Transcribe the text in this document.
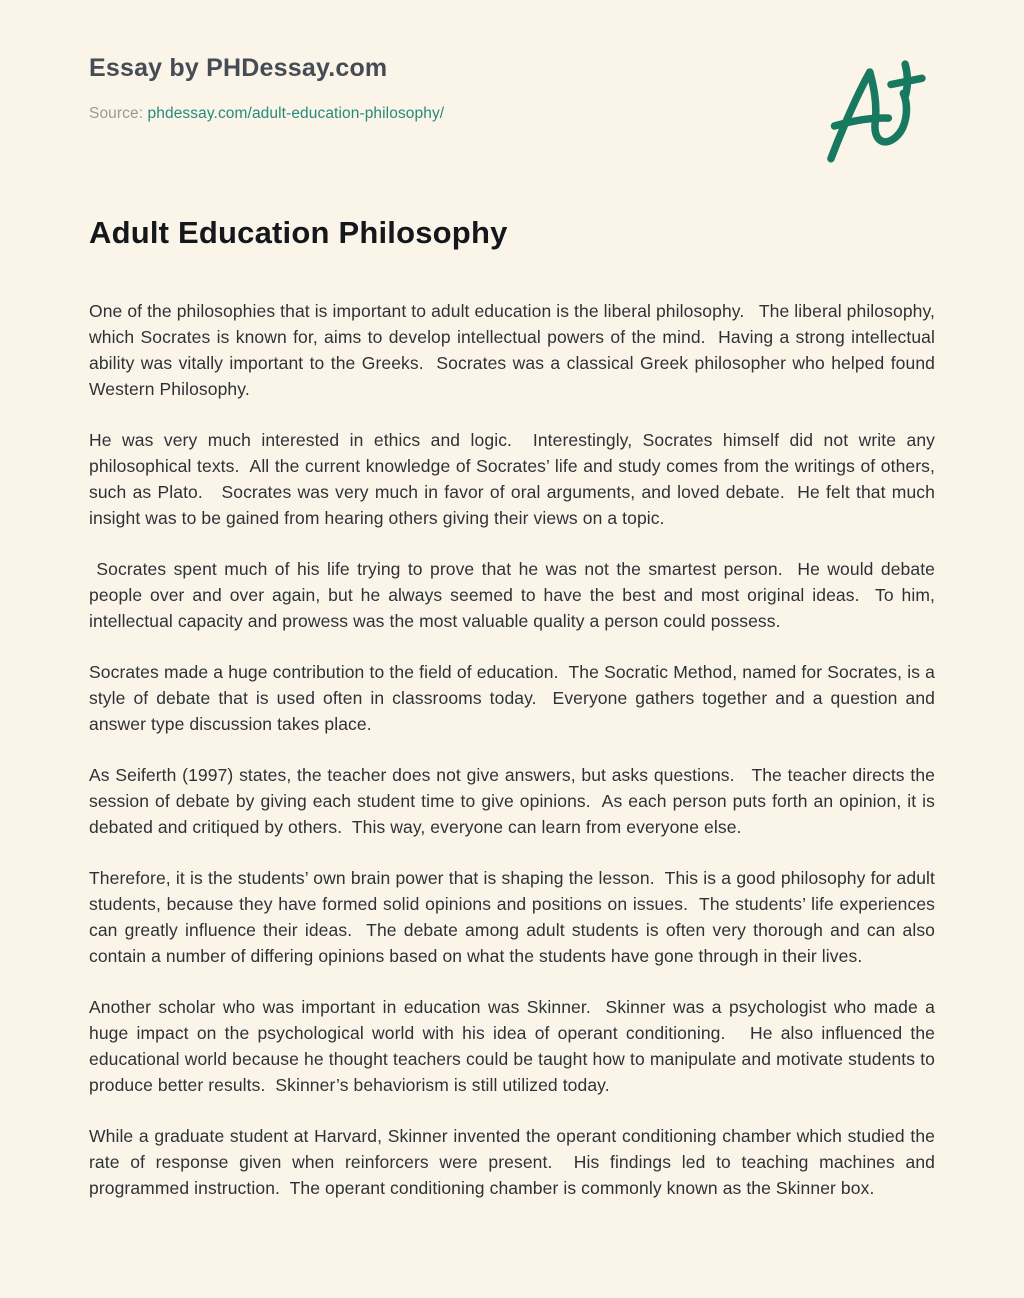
Essay by PHDessay.com

Source: phdessay.com/adult-education-philosophy/

Adult Education Philosophy

One of the philosophies that is important to adult education is the liberal philosophy.   The liberal philosophy, which Socrates is known for, aims to develop intellectual powers of the mind.  Having a strong intellectual ability was vitally important to the Greeks.  Socrates was a classical Greek philosopher who helped found Western Philosophy.

He was very much interested in ethics and logic.  Interestingly, Socrates himself did not write any philosophical texts.  All the current knowledge of Socrates’ life and study comes from the writings of others, such as Plato.   Socrates was very much in favor of oral arguments, and loved debate.  He felt that much insight was to be gained from hearing others giving their views on a topic.

Socrates spent much of his life trying to prove that he was not the smartest person.  He would debate people over and over again, but he always seemed to have the best and most original ideas.  To him, intellectual capacity and prowess was the most valuable quality a person could possess.

Socrates made a huge contribution to the field of education.  The Socratic Method, named for Socrates, is a style of debate that is used often in classrooms today.  Everyone gathers together and a question and answer type discussion takes place.

As Seiferth (1997) states, the teacher does not give answers, but asks questions.   The teacher directs the session of debate by giving each student time to give opinions.  As each person puts forth an opinion, it is debated and critiqued by others.  This way, everyone can learn from everyone else.

Therefore, it is the students’ own brain power that is shaping the lesson.  This is a good philosophy for adult students, because they have formed solid opinions and positions on issues.  The students’ life experiences can greatly influence their ideas.  The debate among adult students is often very thorough and can also contain a number of differing opinions based on what the students have gone through in their lives.

Another scholar who was important in education was Skinner.  Skinner was a psychologist who made a huge impact on the psychological world with his idea of operant conditioning.   He also influenced the educational world because he thought teachers could be taught how to manipulate and motivate students to produce better results.  Skinner’s behaviorism is still utilized today.

While a graduate student at Harvard, Skinner invented the operant conditioning chamber which studied the rate of response given when reinforcers were present.  His findings led to teaching machines and programmed instruction.  The operant conditioning chamber is commonly known as the Skinner box.
